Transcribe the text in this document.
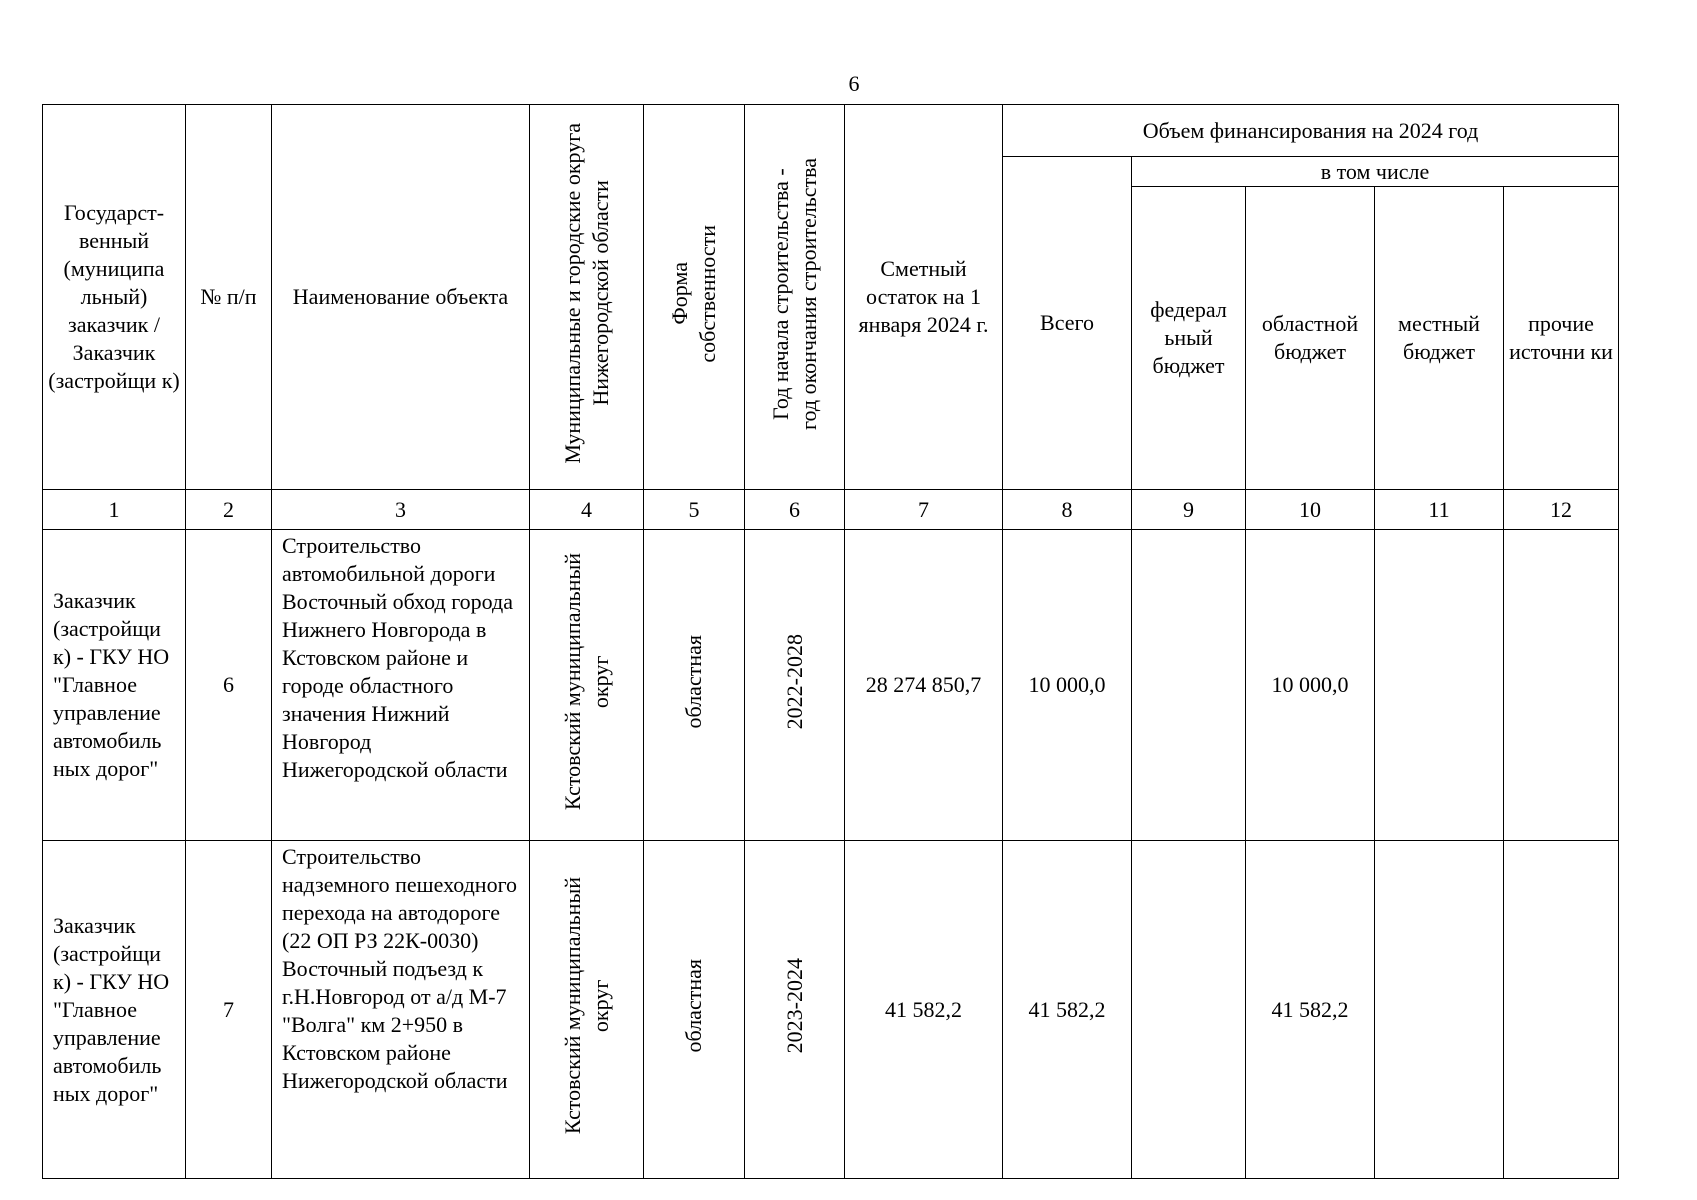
6
Государст-венный (муниципа льный) заказчик / Заказчик (застройщи к)	№ п/п	Наименование объекта	Муниципальные и городские округа Нижегородской области	Форма собственности	Год начала строительства - год окончания строительства	Сметный остаток на 1 января 2024 г.	Объем финансирования на 2024 год				
							Всего	в том числе			
								федерал ьный бюджет	областной бюджет	местный бюджет	прочие источни ки
1	2	3	4	5	6	7	8	9	10	11	12
Заказчик (застройщи к) - ГКУ НО "Главное управление автомобиль ных дорог"	6	Строительство автомобильной дороги Восточный обход города Нижнего Новгорода в Кстовском районе и городе областного значения Нижний Новгород Нижегородской области	Кстовский муниципальный округ	областная	2022-2028	28 274 850,7	10 000,0		10 000,0		
Заказчик (застройщи к) - ГКУ НО "Главное управление автомобиль ных дорог"	7	Строительство надземного пешеходного перехода на автодороге (22 ОП РЗ 22К-0030) Восточный подъезд к г.Н.Новгород от а/д М-7 "Волга" км 2+950 в Кстовском районе Нижегородской области	Кстовский муниципальный округ	областная	2023-2024	41 582,2	41 582,2		41 582,2		
